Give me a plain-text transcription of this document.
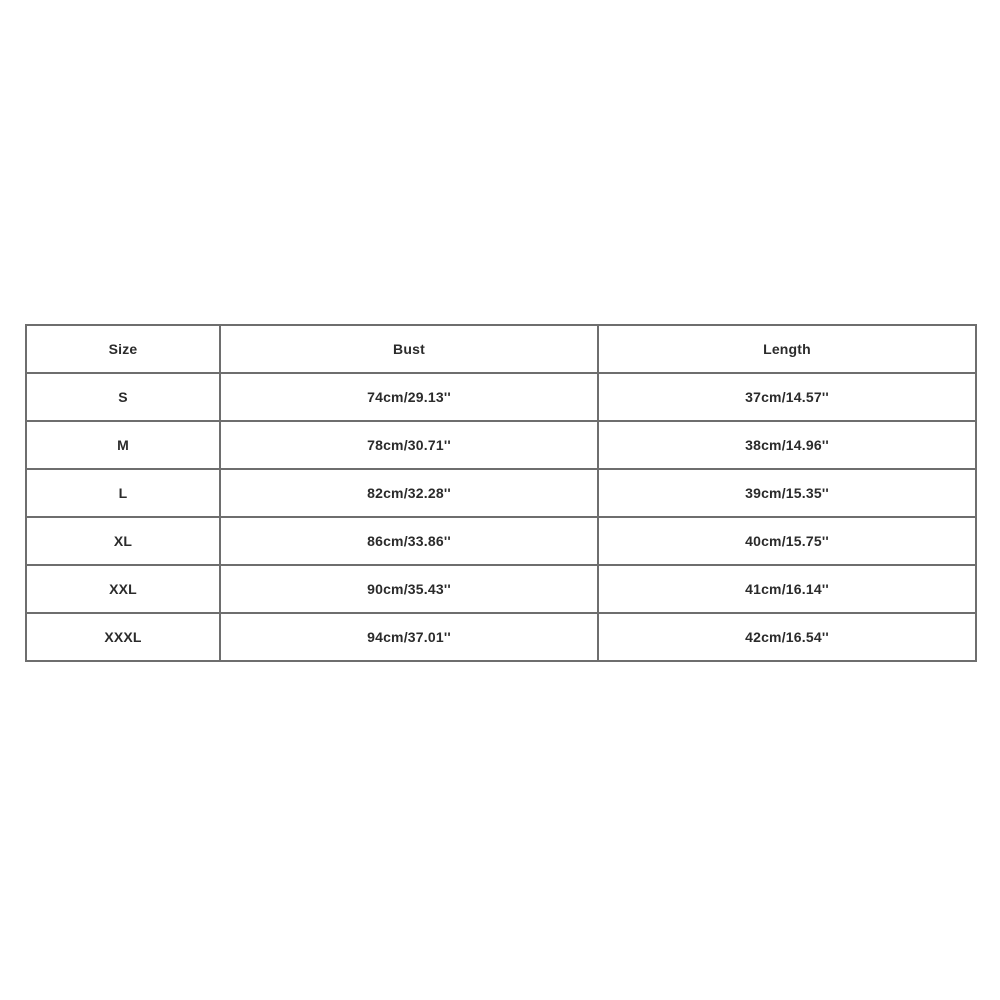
Size	Bust	Length
S	74cm/29.13''	37cm/14.57''
M	78cm/30.71''	38cm/14.96''
L	82cm/32.28''	39cm/15.35''
XL	86cm/33.86''	40cm/15.75''
XXL	90cm/35.43''	41cm/16.14''
XXXL	94cm/37.01''	42cm/16.54''
